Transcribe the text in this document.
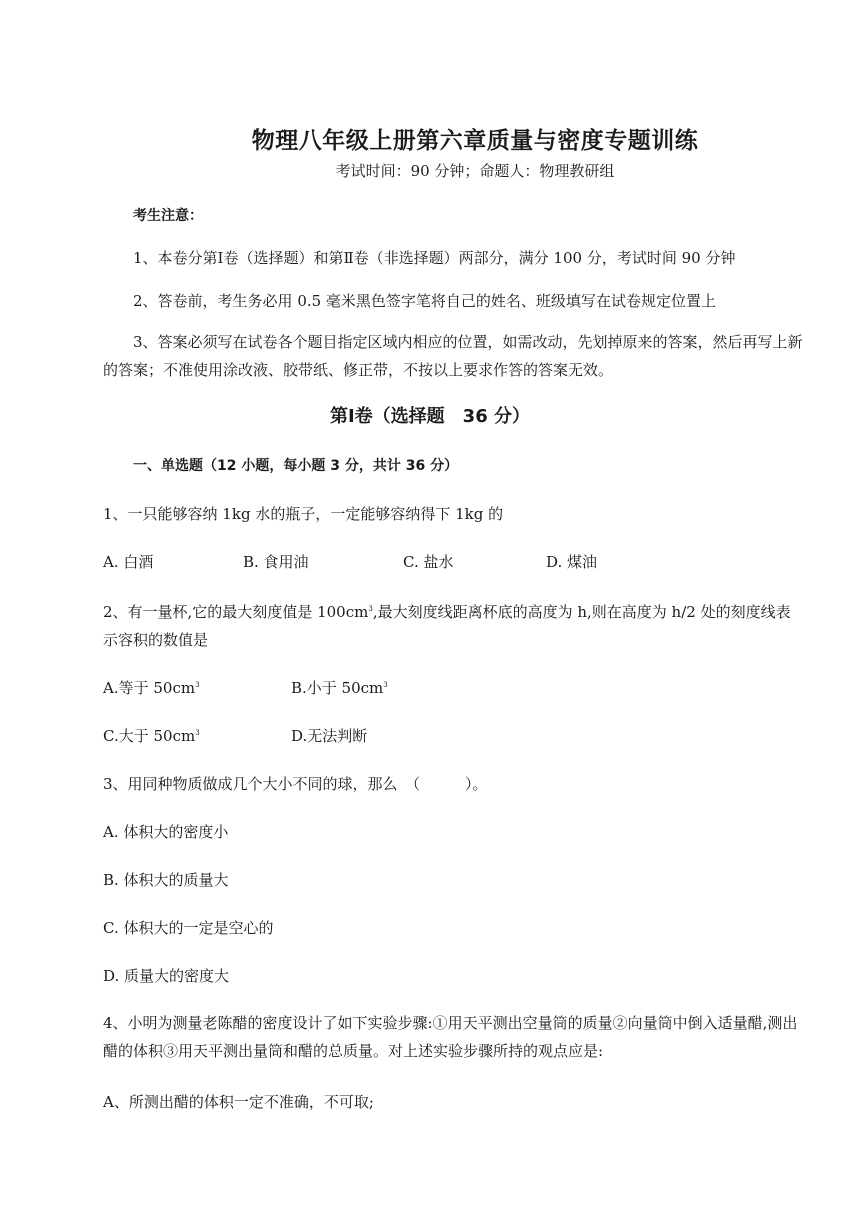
物理八年级上册第六章质量与密度专题训练
考试时间：90 分钟；命题人：物理教研组
考生注意：
1、本卷分第Ⅰ卷（选择题）和第Ⅱ卷（非选择题）两部分，满分 100 分，考试时间 90 分钟
2、答卷前，考生务必用 0.5 毫米黑色签字笔将自己的姓名、班级填写在试卷规定位置上
3、答案必须写在试卷各个题目指定区域内相应的位置，如需改动，先划掉原来的答案，然后再写上新的答案；不准使用涂改液、胶带纸、修正带，不按以上要求作答的答案无效。
第Ⅰ卷（选择题　36 分）
一、单选题（12 小题，每小题 3 分，共计 36 分）
1、一只能够容纳 1kg 水的瓶子，一定能够容纳得下 1kg 的
A. 白酒	B. 食用油	C. 盐水	D. 煤油
2、有一量杯,它的最大刻度值是 $100cm^3$,最大刻度线距离杯底的高度为 h,则在高度为 h/2 处的刻度线表示容积的数值是
A.等于 $50cm^3$	B.小于 $50cm^3$
C.大于 $50cm^3$	D.无法判断
3、用同种物质做成几个大小不同的球，那么　（　　　）。
A. 体积大的密度小
B. 体积大的质量大
C. 体积大的一定是空心的
D. 质量大的密度大
4、小明为测量老陈醋的密度设计了如下实验步骤:①用天平测出空量筒的质量②向量筒中倒入适量醋,测出醋的体积③用天平测出量筒和醋的总质量。对上述实验步骤所持的观点应是:
A、所测出醋的体积一定不准确，不可取;
